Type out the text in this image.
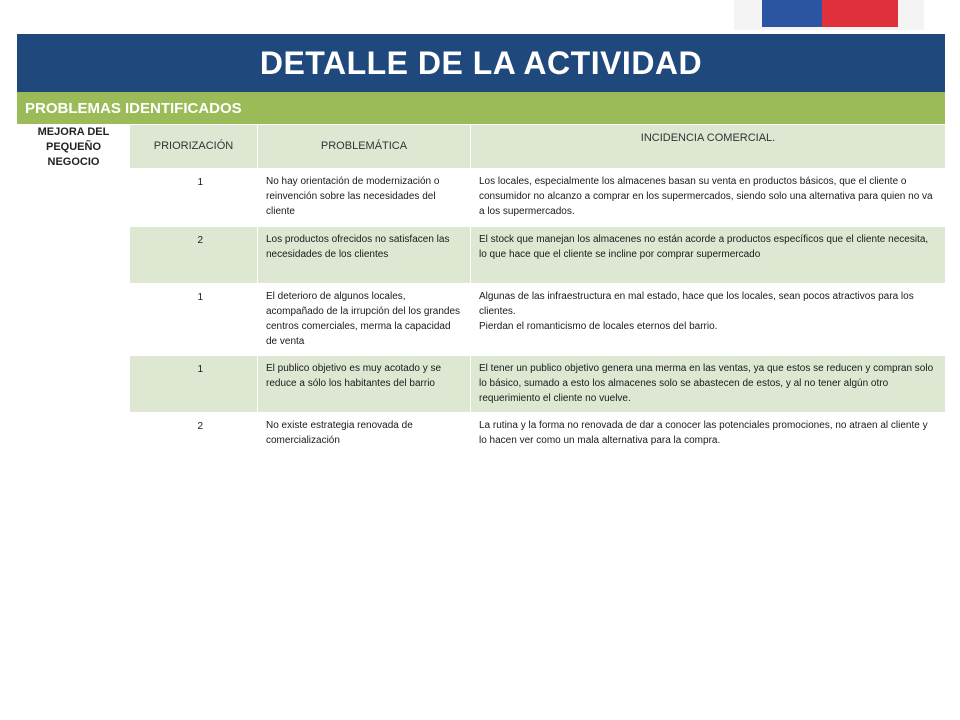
DETALLE DE LA ACTIVIDAD
PROBLEMAS IDENTIFICADOS
MEJORA DEL PEQUEÑO NEGOCIO	PRIORIZACIÓN	PROBLEMÁTICA	INCIDENCIA COMERCIAL.
	1	No hay orientación de modernización o reinvención sobre las necesidades del cliente	Los locales, especialmente los almacenes basan su venta en productos básicos, que el cliente o consumidor no alcanzo a comprar en los supermercados, siendo solo una alternativa para quien no va a los supermercados.
	2	Los productos ofrecidos no satisfacen las necesidades de los clientes	El stock que manejan los almacenes no están acorde a productos específicos que el cliente necesita, lo que hace que el cliente se incline por comprar supermercado
	1	El deterioro de algunos locales, acompañado de la irrupción del los grandes centros comerciales, merma la capacidad de venta	Algunas de las infraestructura en mal estado, hace que los locales, sean pocos atractivos para los clientes.
Pierdan el romanticismo de locales eternos del barrio.
	1	El publico objetivo es muy acotado y se reduce a sólo los habitantes del barrio	El tener un publico objetivo genera una merma en las ventas, ya que estos se reducen y compran solo lo básico, sumado a esto los almacenes solo se abastecen de estos, y al no tener algún otro requerimiento el cliente no vuelve.
	2	No existe estrategia renovada de comercialización	La rutina y la forma no renovada de dar a conocer las potenciales promociones, no atraen al cliente y lo hacen ver como un mala alternativa para la compra.
